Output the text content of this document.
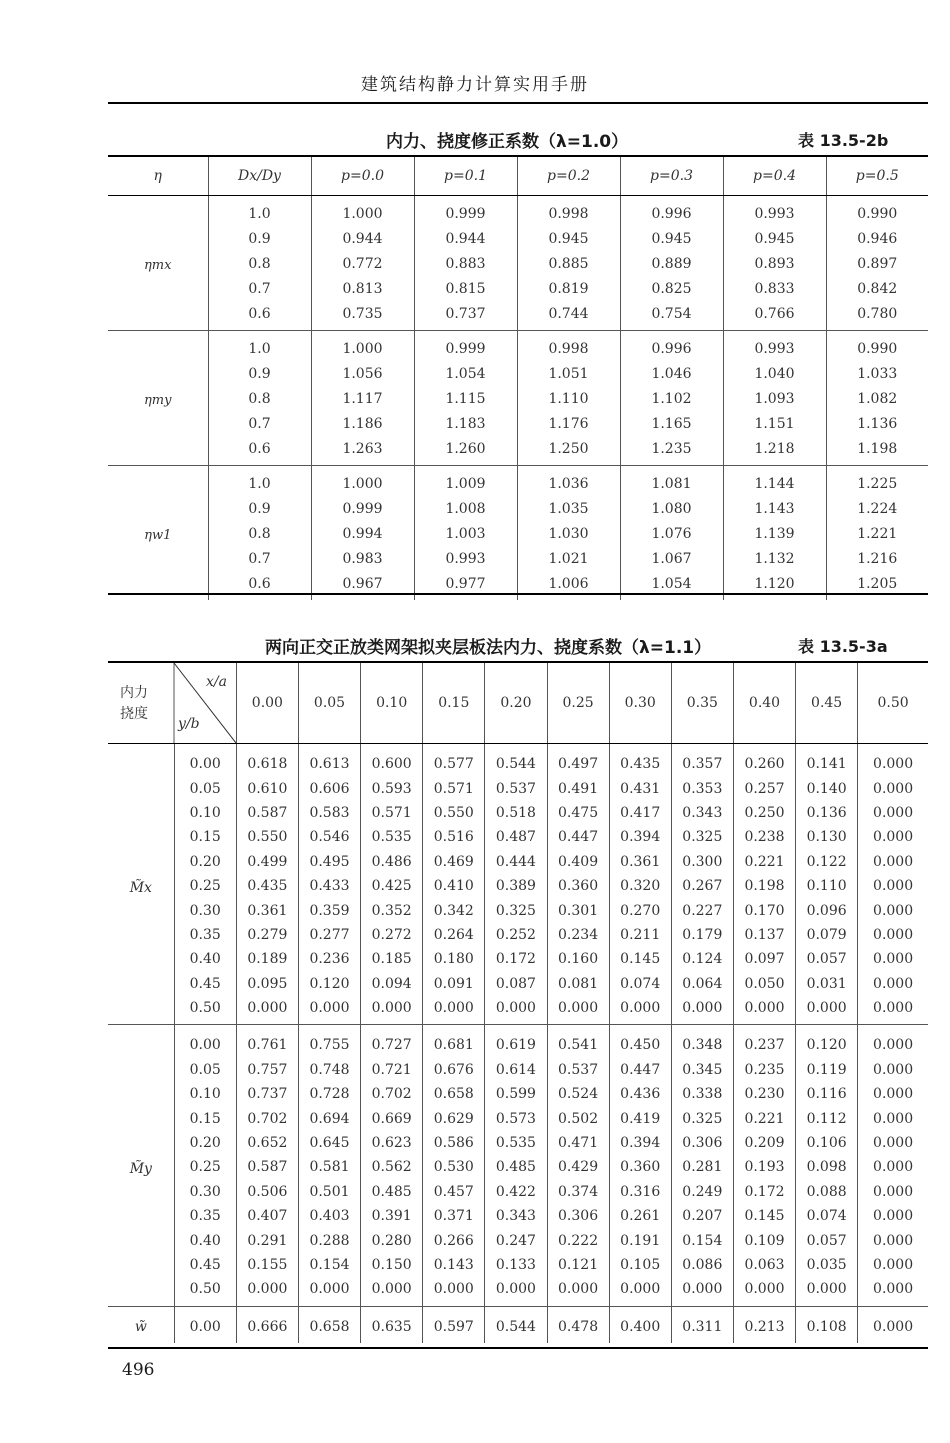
建筑结构静力计算实用手册
内力、挠度修正系数（λ=1.0）	表 13.5-2b
η	Dx/Dy	p=0.0	p=0.1	p=0.2	p=0.3	p=0.4	p=0.5
ηmx	1.0	1.000	0.999	0.998	0.996	0.993	0.990
	0.9	0.944	0.944	0.945	0.945	0.945	0.946
	0.8	0.772	0.883	0.885	0.889	0.893	0.897
	0.7	0.813	0.815	0.819	0.825	0.833	0.842
	0.6	0.735	0.737	0.744	0.754	0.766	0.780
ηmy	1.0	1.000	0.999	0.998	0.996	0.993	0.990
	0.9	1.056	1.054	1.051	1.046	1.040	1.033
	0.8	1.117	1.115	1.110	1.102	1.093	1.082
	0.7	1.186	1.183	1.176	1.165	1.151	1.136
	0.6	1.263	1.260	1.250	1.235	1.218	1.198
ηw1	1.0	1.000	1.009	1.036	1.081	1.144	1.225
	0.9	0.999	1.008	1.035	1.080	1.143	1.224
	0.8	0.994	1.003	1.030	1.076	1.139	1.221
	0.7	0.983	0.993	1.021	1.067	1.132	1.216
	0.6	0.967	0.977	1.006	1.054	1.120	1.205
两向正交正放类网架拟夹层板法内力、挠度系数（λ=1.1）	表 13.5-3a
内力
挠度
x/a
y/b		0.00	0.05	0.10	0.15	0.20	0.25	0.30	0.35	0.40	0.45	0.50
M̃x	0.00	0.618	0.613	0.600	0.577	0.544	0.497	0.435	0.357	0.260	0.141	0.000
	0.05	0.610	0.606	0.593	0.571	0.537	0.491	0.431	0.353	0.257	0.140	0.000
	0.10	0.587	0.583	0.571	0.550	0.518	0.475	0.417	0.343	0.250	0.136	0.000
	0.15	0.550	0.546	0.535	0.516	0.487	0.447	0.394	0.325	0.238	0.130	0.000
	0.20	0.499	0.495	0.486	0.469	0.444	0.409	0.361	0.300	0.221	0.122	0.000
	0.25	0.435	0.433	0.425	0.410	0.389	0.360	0.320	0.267	0.198	0.110	0.000
	0.30	0.361	0.359	0.352	0.342	0.325	0.301	0.270	0.227	0.170	0.096	0.000
	0.35	0.279	0.277	0.272	0.264	0.252	0.234	0.211	0.179	0.137	0.079	0.000
	0.40	0.189	0.236	0.185	0.180	0.172	0.160	0.145	0.124	0.097	0.057	0.000
	0.45	0.095	0.120	0.094	0.091	0.087	0.081	0.074	0.064	0.050	0.031	0.000
	0.50	0.000	0.000	0.000	0.000	0.000	0.000	0.000	0.000	0.000	0.000	0.000
M̃y	0.00	0.761	0.755	0.727	0.681	0.619	0.541	0.450	0.348	0.237	0.120	0.000
	0.05	0.757	0.748	0.721	0.676	0.614	0.537	0.447	0.345	0.235	0.119	0.000
	0.10	0.737	0.728	0.702	0.658	0.599	0.524	0.436	0.338	0.230	0.116	0.000
	0.15	0.702	0.694	0.669	0.629	0.573	0.502	0.419	0.325	0.221	0.112	0.000
	0.20	0.652	0.645	0.623	0.586	0.535	0.471	0.394	0.306	0.209	0.106	0.000
	0.25	0.587	0.581	0.562	0.530	0.485	0.429	0.360	0.281	0.193	0.098	0.000
	0.30	0.506	0.501	0.485	0.457	0.422	0.374	0.316	0.249	0.172	0.088	0.000
	0.35	0.407	0.403	0.391	0.371	0.343	0.306	0.261	0.207	0.145	0.074	0.000
	0.40	0.291	0.288	0.280	0.266	0.247	0.222	0.191	0.154	0.109	0.057	0.000
	0.45	0.155	0.154	0.150	0.143	0.133	0.121	0.105	0.086	0.063	0.035	0.000
	0.50	0.000	0.000	0.000	0.000	0.000	0.000	0.000	0.000	0.000	0.000	0.000
w̃	0.00	0.666	0.658	0.635	0.597	0.544	0.478	0.400	0.311	0.213	0.108	0.000
496
